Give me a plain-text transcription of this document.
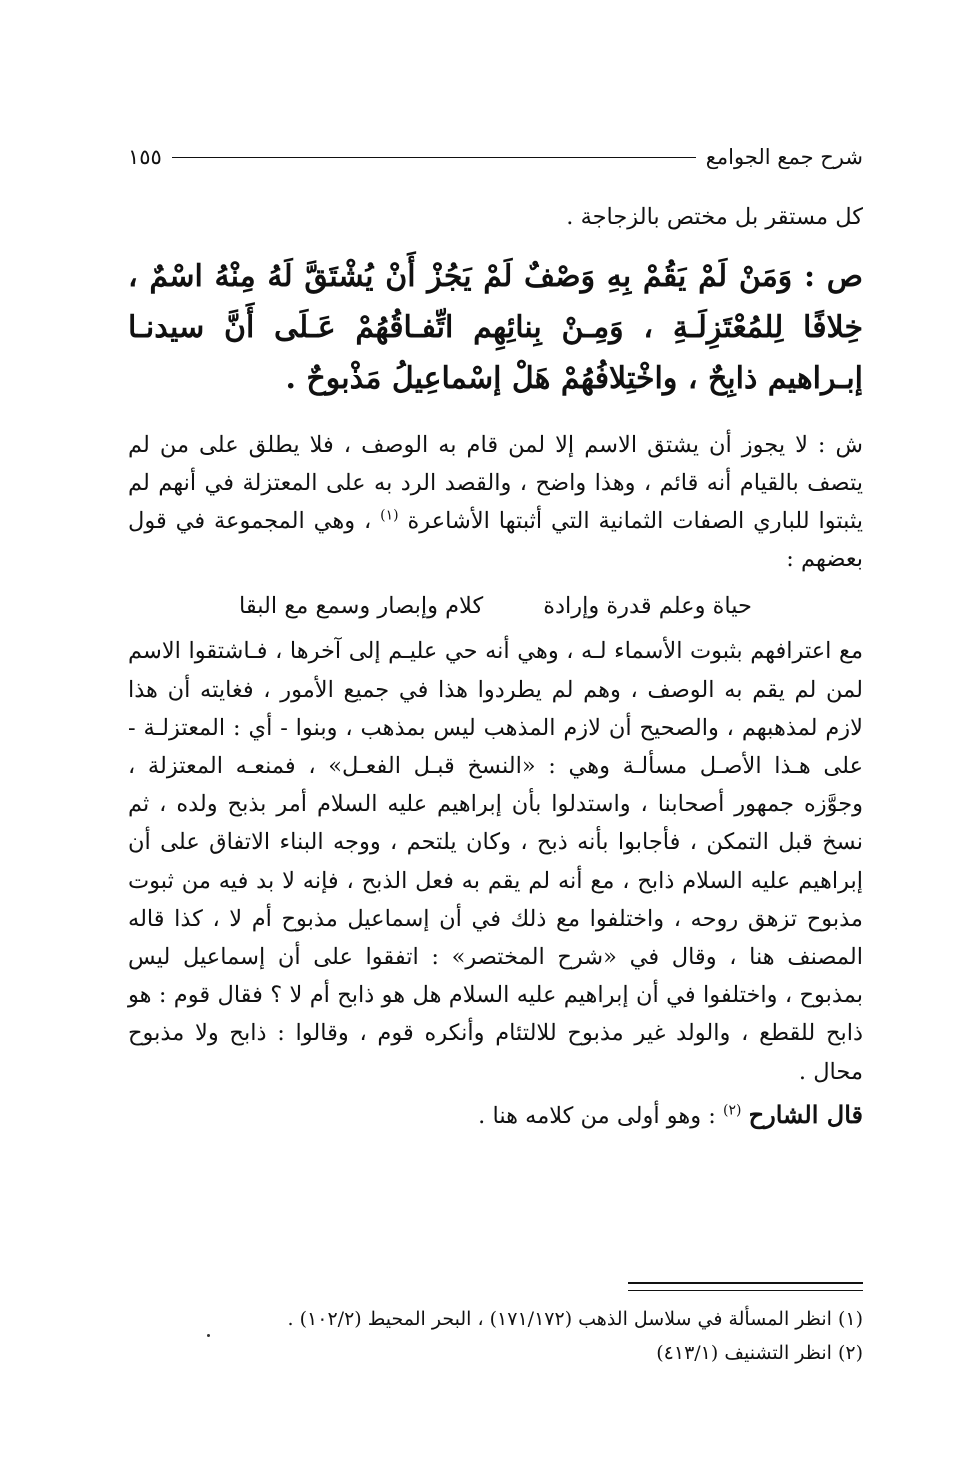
شرح جمع الجوامع
١٥٥

كل مستقر بل مختص بالزجاجة .

ص : وَمَنْ لَمْ يَقُمْ بِهِ وَصْفٌ لَمْ يَجُزْ أَنْ يُشْتَقَّ لَهُ مِنْهُ اسْمٌ ، خِلافًا لِلمُعْتَزِلَـةِ ، وَمِـنْ بِنائِهِم اتِّفـاقُهُمْ عَـلَى أَنَّ سيدنـا إبـراهيم ذابِحٌ ، واخْتِلافُهُمْ هَلْ إسْماعِيلُ مَذْبوحٌ .

ش : لا يجوز أن يشتق الاسم إلا لمن قام به الوصف ، فلا يطلق على من لم يتصف بالقيام أنه قائم ، وهذا واضح ، والقصد الرد به على المعتزلة في أنهم لم يثبتوا للباري الصفات الثمانية التي أثبتها الأشاعرة $^{(١)}$ ، وهي المجموعة في قول بعضهم :

حياة وعلم قدرة وإرادة
كلام وإبصار وسمع مع البقا

مع اعترافهم بثبوت الأسماء لـه ، وهي أنه حي عليـم إلى آخرها ، فـاشتقوا الاسم لمن لم يقم به الوصف ، وهم لم يطردوا هذا في جميع الأمور ، فغايته أن هذا لازم لمذهبهم ، والصحيح أن لازم المذهب ليس بمذهب ، وبنوا - أي : المعتزلـة - على هـذا الأصـل مسألـة وهي : «النسخ قبـل الفعـل» ، فمنعـه المعتزلة ، وجوَّزه جمهور أصحابنا ، واستدلوا بأن إبراهيم عليه السلام أمر بذبح ولده ، ثم نسخ قبل التمكن ، فأجابوا بأنه ذبح ، وكان يلتحم ، ووجه البناء الاتفاق على أن إبراهيم عليه السلام ذابح ، مع أنه لم يقم به فعل الذبح ، فإنه لا بد فيه من ثبوت مذبوح تزهق روحه ، واختلفوا مع ذلك في أن إسماعيل مذبوح أم لا ، كذا قاله المصنف هنا ، وقال في «شرح المختصر» : اتفقوا على أن إسماعيل ليس بمذبوح ، واختلفوا في أن إبراهيم عليه السلام هل هو ذابح أم لا ؟ فقال قوم : هو ذابح للقطع ، والولد غير مذبوح للالتئام وأنكره قوم ، وقالوا : ذابح ولا مذبوح محال .

قال الشارح $^{(٢)}$ : وهو أولى من كلامه هنا .

(١) انظر المسألة في سلاسل الذهب (١٧١/١٧٢) ، البحر المحيط (١٠٢/٢) .

(٢) انظر التشنيف (٤١٣/١)
